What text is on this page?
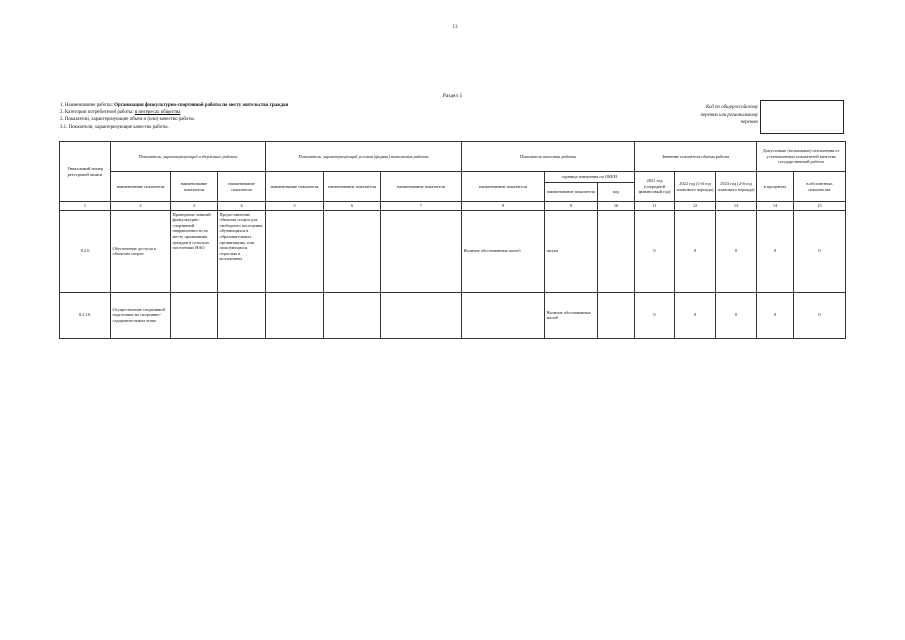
13
Раздел 5
1. Наименование работы: Организация физкультурно-спортивной работы по месту жительства граждан
2. Категории потребителей работы: в интересах общества
3. Показатели, характеризующие объем и (или) качество работы.
3.1. Показатели, характеризующие качество работы.
Код по общероссийскому
перечню или региональному
перечню
Уникальный номер реестровой записи	Показатель, характеризующий содержание работы			Показатель, характеризующий условия (формы) выполнения работы			Показатель качества работы			Значение показателя объема работы			Допустимые (возможные) отклонения от установленных показателей качества государственной работы	
	наименование показателя	наименование показателя	наименование показателя	наименование показателя	наименование показателя	наименование показателя	наименование показателя	единица измерения по ОКЕИ		2021 год (очередной финансовый год)	2022 год (1-й год планового периода)	2023 год (2-й год планового периода)	в процентах	в абсолютных показателях
								наименование показателя	код					
1	2	3	4	5	6	7	8	9	10	11	12	13	14	15
8.2.6	Обеспечение доступа к объектам спорта	Проведение занятий физкультурно-спортивной направленности по месту проживания граждан в сельских поселениях НАО	Предоставление объектов спорта для свободного посещения обучающихся в образовательных организациях, или пользующихся отраслью в коллективах				Наличие обоснованных жалоб	штука		0	0	0	0	0
8.2.10.	Осуществление спортивной подготовки на спортивно-оздоровительном этапе							Наличие обоснованных жалоб		0	0	0	0	0
